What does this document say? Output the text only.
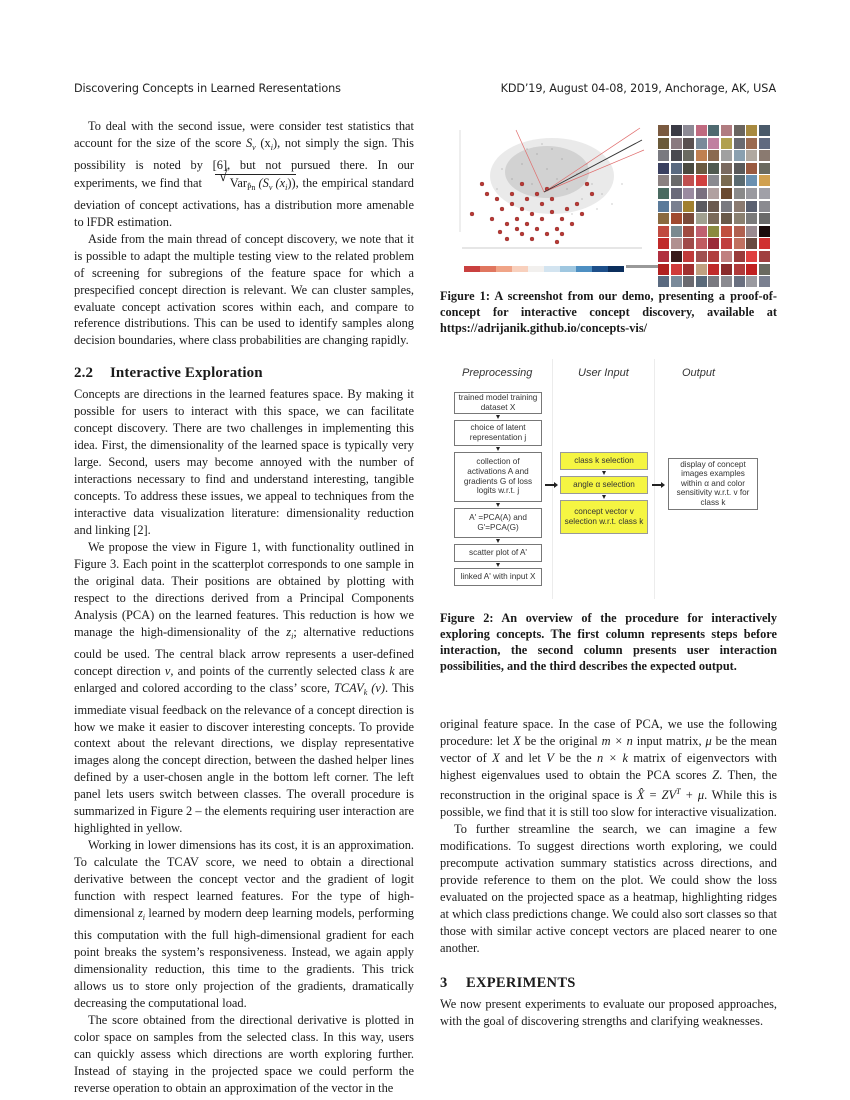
Discovering Concepts in Learned Reresentations	KDD’19, August 04-08, 2019, Anchorage, AK, USA

To deal with the second issue, were consider test statistics that account for the size of the score $S_v$ $(x_i)$, not simply the sign. This possibility is noted by [6], but not pursued there. In our experiments, we find that √ Var$_{P̂n}$ ($S_v$ $(x_i)$), the empirical standard deviation of concept activations, has a distribution more amenable to lFDR estimation.

Aside from the main thread of concept discovery, we note that it is possible to adapt the multiple testing view to the related problem of screening for subregions of the feature space for which a prespecified concept direction is relevant. We can cluster samples, evaluate concept activation scores within each, and compare to reference distributions. This can be used to identify samples along decision boundaries, where class probabilities are changing rapidly.

2.2 Interactive Exploration

Concepts are directions in the learned features space. By making it possible for users to interact with this space, we can facilitate concept discovery. There are two challenges in implementing this idea. First, the dimensionality of the learned space is typically very large. Second, users may become annoyed with the number of interactions necessary to find and understand interesting, tangible concepts. To address these issues, we appeal to techniques from the interactive data visualization literature: dimensionality reduction and linking [2].

We propose the view in Figure 1, with functionality outlined in Figure 3. Each point in the scatterplot corresponds to one sample in the original data. Their positions are obtained by plotting with respect to the directions derived from a Principal Components Analysis (PCA) on the learned features. This reduction is how we manage the high-dimensionality of the $z_i$; alternative reductions could be used. The central black arrow represents a user-defined concept direction v, and points of the currently selected class k are enlarged and colored according to the class’ score, $TCAV_k$ (v). This immediate visual feedback on the relevance of a concept direction is how we make it easier to discover interesting concepts. To provide context about the relevant directions, we display representative images along the concept direction, between the dashed helper lines defined by a user-chosen angle in the bottom left corner. The left panel lets users switch between classes. The overall procedure is summarized in Figure 2 – the elements requiring user interaction are highlighted in yellow.

Working in lower dimensions has its cost, it is an approximation. To calculate the TCAV score, we need to obtain a directional derivative between the concept vector and the gradient of logit function with respect learned features. For the type of high-dimensional $z_i$ learned by modern deep learning models, performing this computation with the full high-dimensional gradient for each point breaks the system’s responsiveness. Instead, we again apply dimensionality reduction, this time to the gradients. This trick allows us to store only projection of the gradients, dramatically decreasing the computational load.

The score obtained from the directional derivative is plotted in color space on samples from the selected class. In this way, users can quickly assess which directions are worth exploring further. Instead of staying in the projected space we could perform the reverse operation to obtain an approximation of the vector in the

Figure 1: A screenshot from our demo, presenting a proof-of-concept for interactive concept discovery, available at https://adrijanik.github.io/concepts-vis/
Preprocessing	User Input	Output
trained model training dataset X
choice of latent representation j
collection of activations A and gradients G of loss logits w.r.t. j
A' =PCA(A) and G'=PCA(G)
scatter plot of A'
linked A' with input X
class k selection
angle α selection
concept vector v selection w.r.t. class k
display of concept images examples within α and color sensitivity w.r.t. v for class k
Figure 2: An overview of the procedure for interactively exploring concepts. The first column represents steps before interaction, the second column presents user interaction possibilities, and the third describes the expected output.

original feature space. In the case of PCA, we use the following procedure: let X be the original m × n input matrix, μ be the mean vector of X and let V be the n × k matrix of eigenvectors with highest eigenvalues used to obtain the PCA scores Z. Then, the reconstruction in the original space is X̂ = $ZV^T + \mu$. While this is possible, we find that it is still too slow for interactive visualization.

To further streamline the search, we can imagine a few modifications. To suggest directions worth exploring, we could precompute activation summary statistics across directions, and provide reference to them on the plot. We could show the loss evaluated on the projected space as a heatmap, highlighting ridges at which class predictions change. We could also sort classes so that those with similar active concept vectors are placed nearer to one another.

3 EXPERIMENTS

We now present experiments to evaluate our proposed approaches, with the goal of discovering strengths and clarifying weaknesses.
